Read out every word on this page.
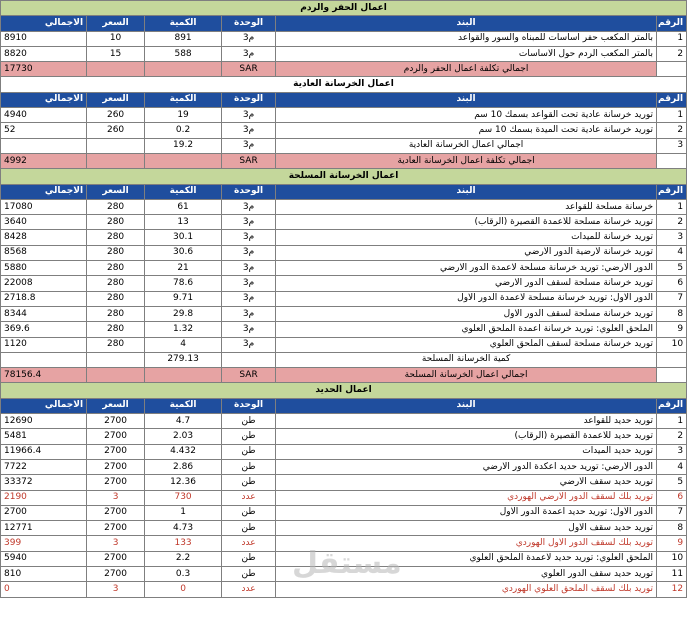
اعمال الحفر والردم					
الرقم	البند	الوحدة	الكمية	السعر	الاجمالي
1	بالمتر المكعب حفر اساسات للمبناه والسور والقواعد	م3	891	10	8910
2	بالمتر المكعب الردم حول الاساسات	م3	588	15	8820
	اجمالي تكلفة اعمال الحفر والردم	SAR			17730
اعمال الخرسانة العادية					
الرقم	البند	الوحدة	الكمية	السعر	الاجمالي
1	توريد خرسانة عادية تحت القواعد بسمك 10 سم	م3	19	260	4940
2	توريد خرسانة عادية تحت الميدة بسمك 10 سم	م3	0.2	260	52
3	اجمالي اعمال الخرسانة العادية	م3	19.2		
	اجمالي تكلفة اعمال الخرسانة العادية	SAR			4992
اعمال الخرسانة المسلحة					
الرقم	البند	الوحدة	الكمية	السعر	الاجمالي
1	خرسانة مسلحة للقواعد	م3	61	280	17080
2	توريد خرسانة مسلحة للاعمدة القصيرة (الرقاب)	م3	13	280	3640
3	توريد خرسانة للميدات	م3	30.1	280	8428
4	توريد خرسانة لارضية الدور الارضي	م3	30.6	280	8568
5	الدور الارضي: توريد خرسانة مسلحة لاعمدة الدور الارضي	م3	21	280	5880
6	توريد خرسانة مسلحة لسقف الدور الارضي	م3	78.6	280	22008
7	الدور الاول: توريد خرسانة مسلحة لاعمدة الدور الاول	م3	9.71	280	2718.8
8	توريد خرسانة مسلحة لسقف الدور الاول	م3	29.8	280	8344
9	الملحق العلوي: توريد خرسانة اعمدة الملحق العلوي	م3	1.32	280	369.6
10	توريد خرسانة مسلحة لسقف الملحق العلوي	م3	4	280	1120
	كمية الخرسانة المسلحة		279.13		
	اجمالي اعمال الخرسانة المسلحة	SAR			78156.4
اعمال الحديد					
الرقم	البند	الوحدة	الكمية	السعر	الاجمالي
1	توريد حديد للقواعد	طن	4.7	2700	12690
2	توريد حديد للاعمدة القصيرة (الرقاب)	طن	2.03	2700	5481
3	توريد حديد الميدات	طن	4.432	2700	11966.4
4	الدور الارضي: توريد حديد اعكدة الدور الارضي	طن	2.86	2700	7722
5	توريد حديد سقف الارضي	طن	12.36	2700	33372
6	توريد بلك لسقف الدور الارضي الهوردي	عدد	730	3	2190
7	الدور الاول: توريد حديد اعمدة الدور الاول	طن	1	2700	2700
8	توريد حديد سقف الاول	طن	4.73	2700	12771
9	توريد بلك لسقف الدور الاول الهوردي	عدد	133	3	399
10	الملحق العلوي: توريد حديد لاعمدة الملحق العلوي	طن	2.2	2700	5940
11	توريد حديد سقف الدور العلوي	طن	0.3	2700	810
12	توريد بلك لسقف الملحق العلوي الهوردي	عدد	0	3	0
مستقل
